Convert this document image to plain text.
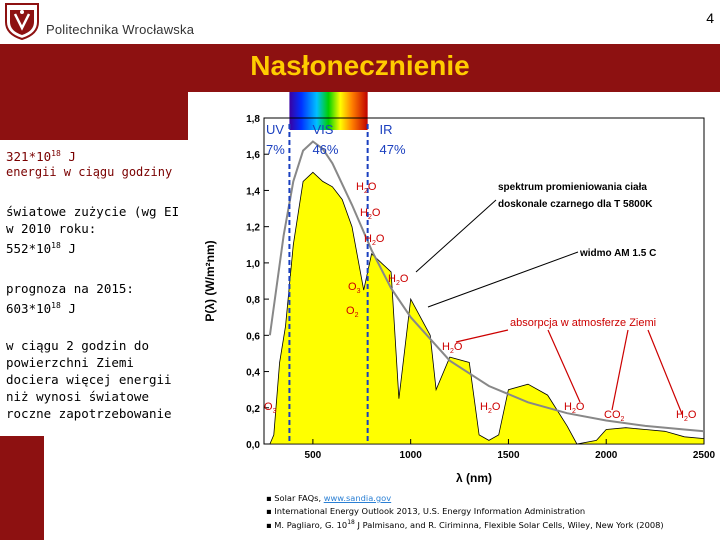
Politechnika Wrocławska
4
Nasłonecznienie
$321*10^{18}$ J
energii w ciągu godziny
światowe zużycie (wg EI
w 2010 roku:
$552*10^{18}$ J
prognoza na 2015:
$603*10^{18}$ J
w ciągu 2 godzin do
powierzchni Ziemi
dociera więcej energii
niż wynosi światowe
roczne zapotrzebowanie
UV
7%
VIS
46%
IR
47%
0,0
0,2
0,4
0,6
0,8
1,0
1,2
1,4
1,6
1,8
500	1000	1500	2000	2500
λ (nm)
P(λ) (W/m²nm)
spektrum promieniowania ciała
doskonale czarnego dla T 5800K
widmo AM 1.5 C
absorpcja w atmosferze Ziemi
$H_2O$
$H_2O$
$H_2O$
$H_2O$
$O_2$
$H_2O$
$O_3$
$O_3$	$H_2O$	$H_2O$
$CO_2$	$H_2O$
▪ Solar FAQs, www.sandia.gov
▪ International Energy Outlook 2013, U.S. Energy Information Administration
▪ M. Pagliaro, G. $10^{18}$ J Palmisano, and R. Ciriminna, Flexible Solar Cells, Wiley, New York (2008)
